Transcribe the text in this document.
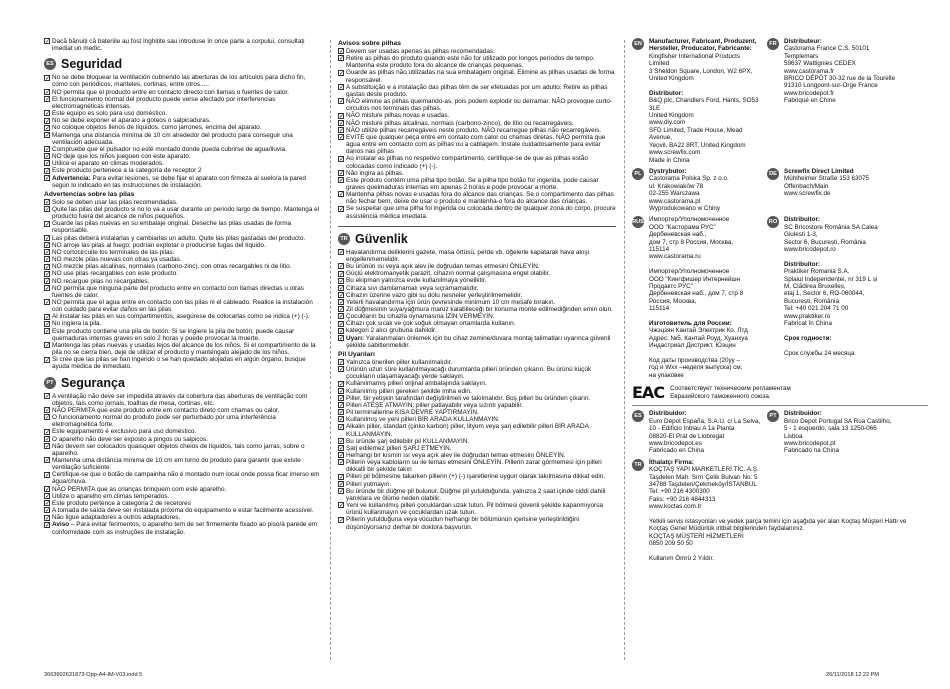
✓ Dacă bănuiți că bateriile au fost înghițite sau introduse în orice parte a corpului, consultați imediat un medic.
ES Seguridad
✓ No se debe bloquear la ventilación cubriendo las aberturas de los artículos para dicho fin, como con periódicos, manteles, cortinas, entre otros.....
✓ NO permita que el producto entre en contacto directo con llamas o fuentes de calor.
✓ El funcionamiento normal del producto puede verse afectado por interferencias electromagnéticas intensas.
✓ Este equipo es solo para uso doméstico.
✓ No se debe exponer el aparato a goteos o salpicaduras.
✓ No coloque objetos llenos de líquidos, como jarrones, encima del aparato.
✓ Mantenga una distancia mínima de 10 cm alrededor del producto para conseguir una ventilación adecuada.
✓ Compruebe que el pulsador no esté montado donde pueda cubrirse de agua/lluvia.
✓ NO deje que los niños jueguen con este aparato.
✓ Utilice el aparato en climas moderados.
✓ Este producto pertenece a la categoría de receptor 2
✓ Advertencia: Para evitar lesiones, se debe fijar el aparato con firmeza al suelo/a la pared según lo indicado en las instrucciones de instalación.
Advertencias sobre las pilas
✓ Solo se deben usar las pilas recomendadas.
✓ Quite las pilas del producto si no lo va a usar durante un periodo largo de tiempo. Mantenga el producto fuera del alcance de niños pequeños.
✓ Guarde las pilas nuevas en su embalaje original. Deseche las pilas usadas de forma responsable.
✓ Las pilas deberá instalarlas y cambiarlas un adulto. Quite las pilas gastadas del producto.
✓ NO arroje las pilas al fuego; podrían explotar o producirse fugas del líquido.
✓ NO cortocircuite los terminales de las pilas.
✓ NO mezcle pilas nuevas con otras ya usadas.
✓ NO mezcle pilas alcalinas, normales (carbono-zinc), con otras recargables ni de litio.
✓ NO use pilas recargables con este producto.
✓ NO recargue pilas no recargables.
✓ NO permita que ninguna parte del producto entre en contacto con llamas directas u otras fuentes de calor.
✓ NO permita que el agua entre en contacto con las pilas ni el cableado. Realice la instalación con cuidado para evitar daños en las pilas
✓ Al instalar las pilas en sus compartimentos, asegúrese de colocarlas como se indica (+) (-).
✓ No ingiera la pila.
✓ Este producto contiene una pila de botón. Si se ingiere la pila de botón, puede causar quemaduras internas graves en solo 2 horas y puede provocar la muerte.
✓ Mantenga las pilas nuevas y usadas lejos del alcance de los niños. Si el compartimento de la pila no se cierra bien, deje de utilizar el producto y manténgalo alejado de los niños.
✓ Si cree que las pilas se han ingerido o se han quedado alojadas en algún órgano, busque ayuda médica de inmediato.
PT Segurança
✓ A ventilação não deve ser impedida através da cobertura das aberturas de ventilação com objetos, tais como jornais, toalhas de mesa, cortinas, etc.
✓ NÃO PERMITA que este produto entre em contacto direto com chamas ou calor.
✓ O funcionamento normal do produto pode ser perturbado por uma interferência eletromagnética forte.
✓ Este equipamento é exclusivo para uso doméstico.
✓ O aparelho não deve ser exposto a pingos ou salpicos.
✓ Não devem ser colocados quaisquer objetos cheios de líquidos, tais como jarras, sobre o aparelho.
✓ Mantenha uma distância mínima de 10 cm em torno do produto para garantir que existe ventilação suficiente.
✓ Certifique-se que o botão de campainha não é montado num local onde possa ficar imerso em água/chuva.
✓ NÃO PERMITA que as crianças brinquem com este aparelho.
✓ Utilize o aparelho em climas temperados.
✓ Este produto pertence à categoria 2 de recetores
✓ A tomada de saída deve ser instalada próxima do equipamento e estar facilmente acessível.
✓ Não ligue adaptadores a outros adaptadores.
✓ Aviso – Para evitar ferimentos, o aparelho tem de ser firmemente fixado ao piso/à parede em conformidade com as instruções de instalação.
Avisos sobre pilhas
✓ Devem ser usadas apenas as pilhas recomendadas.
✓ Retire as pilhas do produto quando este não for utilizado por longos períodos de tempo. Mantenha este produto fora do alcance de crianças pequenas.
✓ Guarde as pilhas não utilizadas na sua embalagem original. Elimine as pilhas usadas de forma responsável.
✓ A substituição e a instalação das pilhas têm de ser efetuadas por um adulto. Retire as pilhas gastas deste produto.
✓ NÃO elimine as pilhas queimando-as, pois podem explodir ou derramar. NÃO provoque curto-circuitos nos terminais das pilhas.
✓ NÃO misture pilhas novas e usadas.
✓ NÃO misture pilhas alcalinas, normais (carbono-zinco), de lítio ou recarregáveis.
✓ NÃO utilize pilhas recarregáveis neste produto. NÃO recarregue pilhas não recarregáveis.
✓ EVITE que qualquer peça entre em contato com calor ou chamas diretas. NÃO permita que água entre em contacto com as pilhas ou a cablagem. Instale cuidadosamente para evitar danos nas pilhas
✓ Ao instalar as pilhas no respetivo compartimento, certifique-se de que as pilhas estão colocadas como indicado (+) (-).
✓ Não ingira as pilhas.
✓ Este produto contém uma pilha tipo botão. Se a pilha tipo botão for ingerida, pode causar graves queimaduras internas em apenas 2 horas e pode provocar a morte.
✓ Mantenha pilhas novas e usadas fora do alcance das crianças. Se o compartimento das pilhas não fechar bem, deixe de usar o produto e mantenha-o fora do alcance das crianças.
✓ Se suspeitar que uma pilha foi ingerida ou colocada dentro de qualquer zona do corpo, procure assistência médica imediata.
TR Güvenlik
✓ Havalandırma deliklerini gazete, masa örtüsü, perde vb. öğelerle kapatarak hava akışı engellenmemelidir.
✓ Bu ürünün ısı veya açık alev ile doğrudan temas etmesini ÖNLEYİN.
✓ Güçlü elektromanyetik parazit, cihazın normal çalışmasına engel olabilir.
✓ Bu ekipman yalnızca evde kullanılmaya yöneliktir.
✓ Cihaza sıvı damlamamalı veya sıçramamalıdır.
✓ Cihazın üzerine vazo gibi su dolu nesneler yerleştirilmemelidir.
✓ Yeterli havalandırma için ürün çevresinde minimum 10 cm mesafe bırakın.
✓ Zil düğmesinin suya/yağmura maruz kalabileceği bir konuma monte edilmediğinden emin olun.
✓ Çocukların bu cihazla oynamasına İZİN VERMEYİN.
✓ Cihazı çok sıcak ve çok soğuk olmayan ortamlarda kullanın.
✓ kategori 2 alıcı grubuna dahildir.
✓ Uyarı: Yaralanmaları önlemek için bu cihaz zemine/duvara montaj talimatları uyarınca güvenli şekilde sabitlenmelidir.
Pil Uyarıları
✓ Yalnızca önerilen piller kullanılmalıdır.
✓ Ürünün uzun süre kullanılmayacağı durumlarda pilleri üründen çıkarın. Bu ürünü küçük çocukların ulaşamayacağı yerde saklayın.
✓ Kullanılmamış pilleri orijinal ambalajında saklayın.
✓ Kullanılmış pilleri gereken şekilde imha edin.
✓ Piller, bir yetişkin tarafından değiştirilmeli ve takılmalıdır. Boş pilleri bu üründen çıkarın.
✓ Pilleri ATEŞE ATMAYIN; piller patlayabilir veya sızıntı yapabilir.
✓ Pil terminallerine KISA DEVRE YAPTIRMAYIN.
✓ Kullanılmış ve yeni pilleri BİR ARADA KULLANMAYIN.
✓ Alkalin piller, standart (çinko karbon) piller, lityum veya şarj edilebilir pilleri BİR ARADA KULLANMAYIN.
✓ Bu üründe şarj edilebilir pil KULLANMAYIN.
✓ Şarj edilemez pilleri ŞARJ ETMEYİN.
✓ Herhangi bir kısmın ısı veya açık alev ile doğrudan temas etmesini ÖNLEYİN.
✓ Pillerin veya kabloların su ile temas etmesini ÖNLEYİN. Pillerin zarar görmemesi için pilleri dikkatli bir şekilde takın
✓ Pilleri pil bölmesine takarken pillerin (+) (-) işaretlerine uygun olarak takılmasına dikkat edin.
✓ Pilleri yutmayın.
✓ Bu üründe bir düğme pil bulunur. Düğme pil yutulduğunda, yalnızca 2 saat içinde ciddi dahili yanıklara ve ölüme neden olabilir.
✓ Yeni ve kullanılmış pilleri çocuklardan uzak tutun. Pil bölmesi güvenli şekilde kapanmıyorsa ürünü kullanmayın ve çocuklardan uzak tutun.
✓ Pillerin yutulduğuna veya vücudun herhangi bir bölümünün içerisine yerleştirildiğini düşünüyorsanız derhal bir doktora başvurun.
EN	Manufacturer, Fabricant, Produzent, Hersteller, Producator, Fabricante:
Kingfisher International Products Limited
3 Sheldon Square, London, W2 6PX,
United Kingdom

Distributor:
B&Q plc, Chandlers Ford, Hants, SO53 3LE
United Kingdom
www.diy.com
SFD Limited, Trade House, Mead Avenue,
Yeovil, BA22 8RT, United Kingdom
www.screwfix.com
Made in China
FR	Distributeur:
Castorama France C.S. 50101 Templemars
59637 Wattignies CEDEX
www.castorama.fr
BRICO DÉPÔT 30-32 rue de la Tourelle
91310 Longpont-sur-Orge France
www.bricodepot.fr
Fabriqué en Chine
PL	Dystrybutor:
Castorama Polska Sp. z o.o.
ul. Krakowiaków 78
02-255 Warszawa
www.castorama.pl
Wyprodukowano w Chiny
DE	Screwfix Direct Limited
Mühlheimer Straße 153 63075
Offenbach/Main
www.screwfix.de
RUS Импортер/Уполномоченное
ООО "Касторама РУС"
Дербеневская наб.,
дом 7, стр 8 Россия, Москва,
115114
www.castorama.ru

Импортер/Уполномоченное
ООО "Кингфишер Интернейшн
Продактс РУС"
Дербеневская наб., дом 7, стр 8
Россия, Москва,
115114

Изготовитель для России:
Чжэцзян Кантай Электрик Ко. Лтд
Адрес: №5, Кантай Роуд, Хуанхуа
Индастриал Дистрикт, Юэцин

Код даты производства (20yy –
год и Wxx –неделя выпуска) см.
на упаковке
RO Distribuitor:
SC Bricostore România SA Calea
Giulesti 1-3,
Sector 6, București, România
www.bricodepot.ro

Distribuitor:
Praktiker Romania S.A.
Splaiul Independenței, nr 319 L și
M, Clădirea Bruxelles,
etaj 1, Sector 6, RO-060044,
București, România
Tel: +40 021 204 71 00
www.praktiker.ro
Fabricat în China

Срок годности:

Срок службы 24 месяца
EAC Соответствует техническим регламентам Евразийского таможенного союза.
ES	Distribuidor:
Euro Depot España, S.A.U. c/ La Selva,
10 - Edificio Inblau A 1a Planta
08820-El Prat de Llobregat
www.bricodepot.es
Fabricado en China
PT	Distribuidor:
Brico Depot Portugal SA Rua Castilho,
5 - 1 esquerdo, sala 13 1250-066
Lisboa
www.bricodepot.pt
Fabricado na China
TR	İthalatçı Firma:
KOÇTAŞ YAPI MARKETLERİ TİC. A.Ş.
Taşdelen Mah. Sırrı Çelik Bulvarı No: 5
34788 Taşdelen/Çekmeköy/İSTANBUL
Tel: +90 216 4300300
Faks: +90 216 4844313
www.koctas.com.tr

Yetkili servis istasyonları ve yedek parça temini için aşağıda yer alan Koçtaş Müşteri Hattı ve Koçtaş Genel Müdürlük iritbat bilgilerinden faydalanınız.
KOÇTAŞ MÜŞTERİ HİZMETLERİ
0850 209 50 50

Kullanım Ömrü 2 Yıldır.
3663602631873-Opp-A4-IM-V03.indd 5	26/11/2018 12:22 PM
